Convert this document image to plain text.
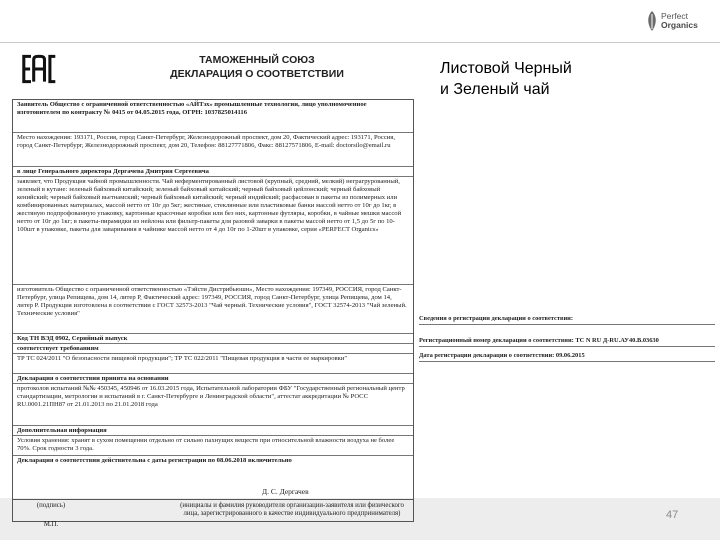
Perfect
Organics
ТАМОЖЕННЫЙ СОЮЗ
ДЕКЛАРАЦИЯ О СООТВЕТСТВИИ
Заявитель Общество с ограниченной ответственностью «АЙТэх» промышленные технологии, лицо уполномоченное изготовителем по контракту № 0415 от 04.05.2015 года, ОГРН: 1037825014116
Место нахождения: 193171, Россия, город Санкт-Петербург, Железнодорожный проспект, дом 20, Фактический адрес: 193171, Россия, город Санкт-Петербург, Железнодорожный проспект, дом 20, Телефон: 88127771806, Факс: 88127571806, E-mail: doctorsilo@email.ru
в лице Генерального директора Дергачева Дмитрия Сергеевича
заявляет, что Продукция чайной промышленности. Чай неферментированный листовой (крупный, средний, мелкий) неграгрурованный, зеленый в кутане: зеленый байховый китайский; зеленый байховый китайский; черный байховый цейлонский; черный байховый кенийский; черный байховый вьетнамский; черный байховый китайский; черный индийский; расфасован в пакеты из полимерных или комбинированных материалах, массой нетто от 10г до 5кг; жестяные, стеклянные или пластиковые банки массой нетто от 10г до 1кг, в жестяную подпрофованную упаковку, картонные красочные коробки или без них, картонные футляры, коробки, в чайные мешки массой нетто от 10г до 1кг; в пакеты-пирамидки из нейлона или фильтр-пакеты для разовой заварки в пакеты массой нетто от 1,5 до 5г по 10-100шт в упаковке, пакеты для заваривания в чайнике массой нетто от 4 до 10г по 1-20шт в упаковке, серия «PERFECT Organics»
изготовитель Общество с ограниченной ответственностью «Тэйсти Дистрибьюшн», Место нахождения: 197349, РОССИЯ, город Санкт-Петербург, улица Репищева, дом 14, литер Р, Фактический адрес: 197349, РОССИЯ, город Санкт-Петербург, улица Репищева, дом 14, литер Р. Продукция изготовлена в соответствии с ГОСТ 32573-2013 "Чай черный. Технические условия", ГОСТ 32574-2013 "Чай зеленый. Технические условия"
Код ТН ВЭД 0902, Серийный выпуск
соответствует требованиям
ТР ТС 024/2011 "О безопасности пищевой продукции"; ТР ТС 022/2011 "Пищевая продукция в части ее маркировки"
Декларация о соответствии принята на основании
протоколов испытаний №№ 450345, 450946 от 16.03.2015 года, Испытательной лаборатории ФБУ "Государственный региональный центр стандартизации, метрологии и испытаний в г. Санкт-Петербурге и Ленинградской области", аттестат аккредитации № РОСС RU.0001.21ПН87 от 21.01.2013 по 21.01.2018 года
Дополнительная информация
Условия хранения: хранят в сухом помещении отдельно от сильно пахнущих веществ при относительной влажности воздуха не более 70%. Срок годности 3 года.
Декларация о соответствии действительна с даты регистрации по 08.06.2018 включительно
Д. С. Дергачев
(подпись)
М.П.
(инициалы и фамилия руководителя организации-заявителя или физического лица, зарегистрированного в качестве индивидуального предпринимателя)
Листовой Черный
и Зеленый чай
Сведения о регистрации декларации о соответствии:
Регистрационный номер декларации о соответствии: ТС N RU Д-RU.АУ40.В.03630
Дата регистрации декларации о соответствии: 09.06.2015
47
